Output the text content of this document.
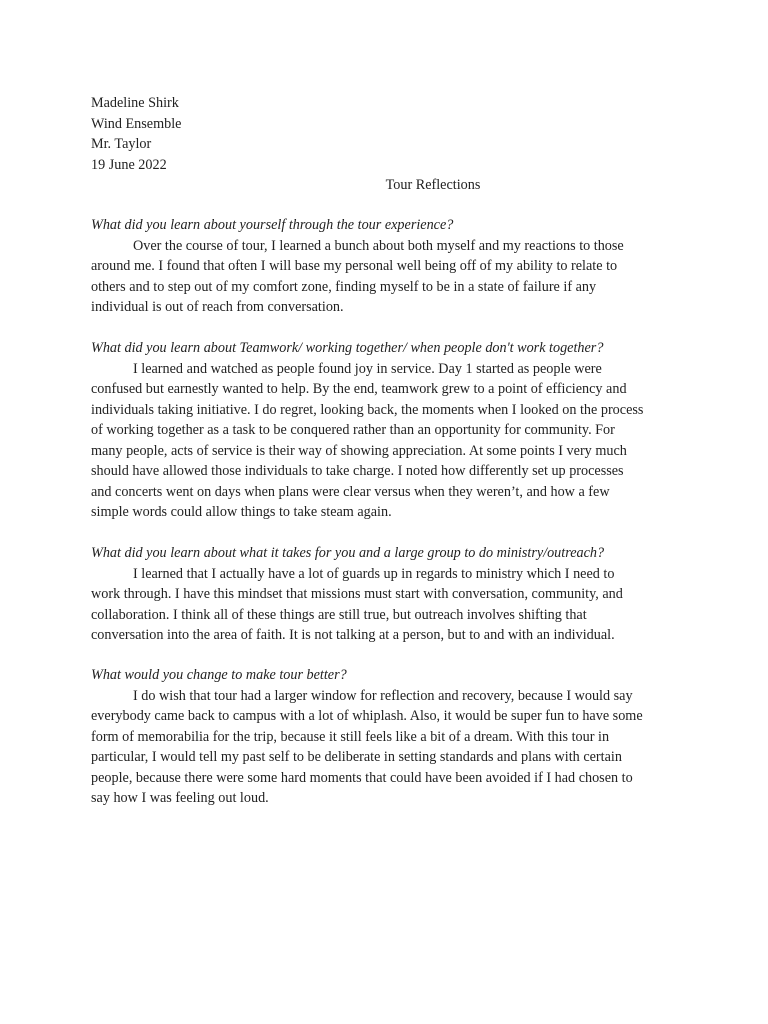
Madeline Shirk
Wind Ensemble
Mr. Taylor
19 June 2022
Tour Reflections
What did you learn about yourself through the tour experience?

Over the course of tour, I learned a bunch about both myself and my reactions to those
around me. I found that often I will base my personal well being off of my ability to relate to
others and to step out of my comfort zone, finding myself to be in a state of failure if any
individual is out of reach from conversation.

What did you learn about Teamwork/ working together/ when people don't work together?

I learned and watched as people found joy in service. Day 1 started as people were
confused but earnestly wanted to help. By the end, teamwork grew to a point of efficiency and
individuals taking initiative. I do regret, looking back, the moments when I looked on the process
of working together as a task to be conquered rather than an opportunity for community. For
many people, acts of service is their way of showing appreciation. At some points I very much
should have allowed those individuals to take charge. I noted how differently set up processes
and concerts went on days when plans were clear versus when they weren’t, and how a few
simple words could allow things to take steam again.

What did you learn about what it takes for you and a large group to do ministry/outreach?

I learned that I actually have a lot of guards up in regards to ministry which I need to
work through. I have this mindset that missions must start with conversation, community, and
collaboration. I think all of these things are still true, but outreach involves shifting that
conversation into the area of faith. It is not talking at a person, but to and with an individual.

What would you change to make tour better?

I do wish that tour had a larger window for reflection and recovery, because I would say
everybody came back to campus with a lot of whiplash. Also, it would be super fun to have some
form of memorabilia for the trip, because it still feels like a bit of a dream. With this tour in
particular, I would tell my past self to be deliberate in setting standards and plans with certain
people, because there were some hard moments that could have been avoided if I had chosen to
say how I was feeling out loud.
